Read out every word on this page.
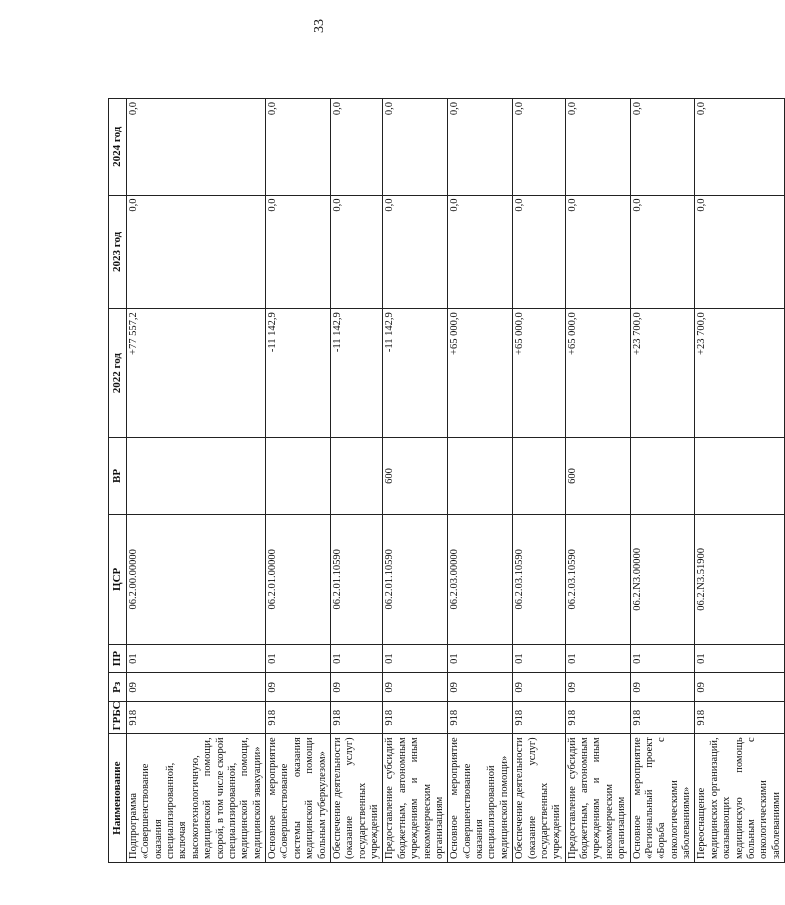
33
Наименование	ГРБС	Рз	ПР	ЦСР	ВР	2022 год	2023 год	2024 год
Подпрограмма «Совершенствование оказания специализированной, включая высокотехнологичную, медицинской помощи, скорой, в том числе скорой специализированной, медицинской помощи, медицинской эвакуации»	918	09	01	06.2.00.00000		+77 557,2	0,0	0,0
Основное мероприятие «Совершенствование системы оказания медицинской помощи больным туберкулезом»	918	09	01	06.2.01.00000		-11 142,9	0,0	0,0
Обеспечение деятельности (оказание услуг) государственных учреждений	918	09	01	06.2.01.10590		-11 142,9	0,0	0,0
Предоставление субсидий бюджетным, автономным учреждениям и иным некоммерческим организациям	918	09	01	06.2.01.10590	600	-11 142,9	0,0	0,0
Основное мероприятие «Совершенствование оказания специализированной медицинской помощи»	918	09	01	06.2.03.00000		+65 000,0	0,0	0,0
Обеспечение деятельности (оказание услуг) государственных учреждений	918	09	01	06.2.03.10590		+65 000,0	0,0	0,0
Предоставление субсидий бюджетным, автономным учреждениям и иным некоммерческим организациям	918	09	01	06.2.03.10590	600	+65 000,0	0,0	0,0
Основное мероприятие «Региональный проект «Борьба с онкологическими заболеваниями»	918	09	01	06.2.N3.00000		+23 700,0	0,0	0,0
Переоснащение медицинских организаций, оказывающих медицинскую помощь больным с онкологическими заболеваниями	918	09	01	06.2.N3.51900		+23 700,0	0,0	0,0
